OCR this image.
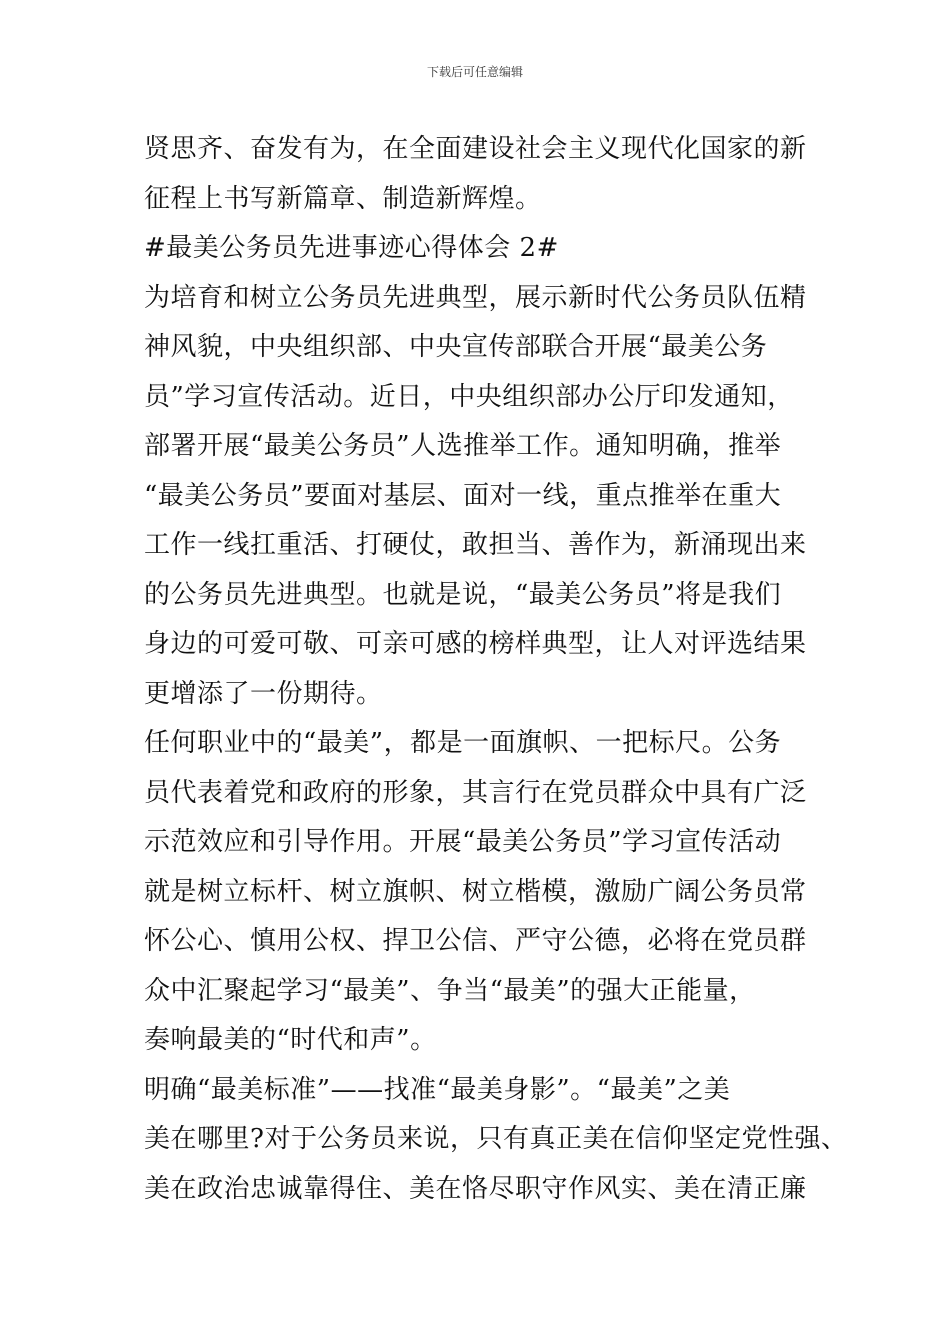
下载后可任意编辑
贤思齐、奋发有为，在全面建设社会主义现代化国家的新
征程上书写新篇章、制造新辉煌。
#最美公务员先进事迹心得体会 2#
为培育和树立公务员先进典型，展示新时代公务员队伍精
神风貌，中央组织部、中央宣传部联合开展“最美公务
员”学习宣传活动。近日，中央组织部办公厅印发通知，
部署开展“最美公务员”人选推举工作。通知明确，推举
“最美公务员”要面对基层、面对一线，重点推举在重大
工作一线扛重活、打硬仗，敢担当、善作为，新涌现出来
的公务员先进典型。也就是说，“最美公务员”将是我们
身边的可爱可敬、可亲可感的榜样典型，让人对评选结果
更增添了一份期待。
任何职业中的“最美”，都是一面旗帜、一把标尺。公务
员代表着党和政府的形象，其言行在党员群众中具有广泛
示范效应和引导作用。开展“最美公务员”学习宣传活动
就是树立标杆、树立旗帜、树立楷模，激励广阔公务员常
怀公心、慎用公权、捍卫公信、严守公德，必将在党员群
众中汇聚起学习“最美”、争当“最美”的强大正能量，
奏响最美的“时代和声”。
明确“最美标准”——找准“最美身影”。“最美”之美
美在哪里?对于公务员来说，只有真正美在信仰坚定党性强、
美在政治忠诚靠得住、美在恪尽职守作风实、美在清正廉
